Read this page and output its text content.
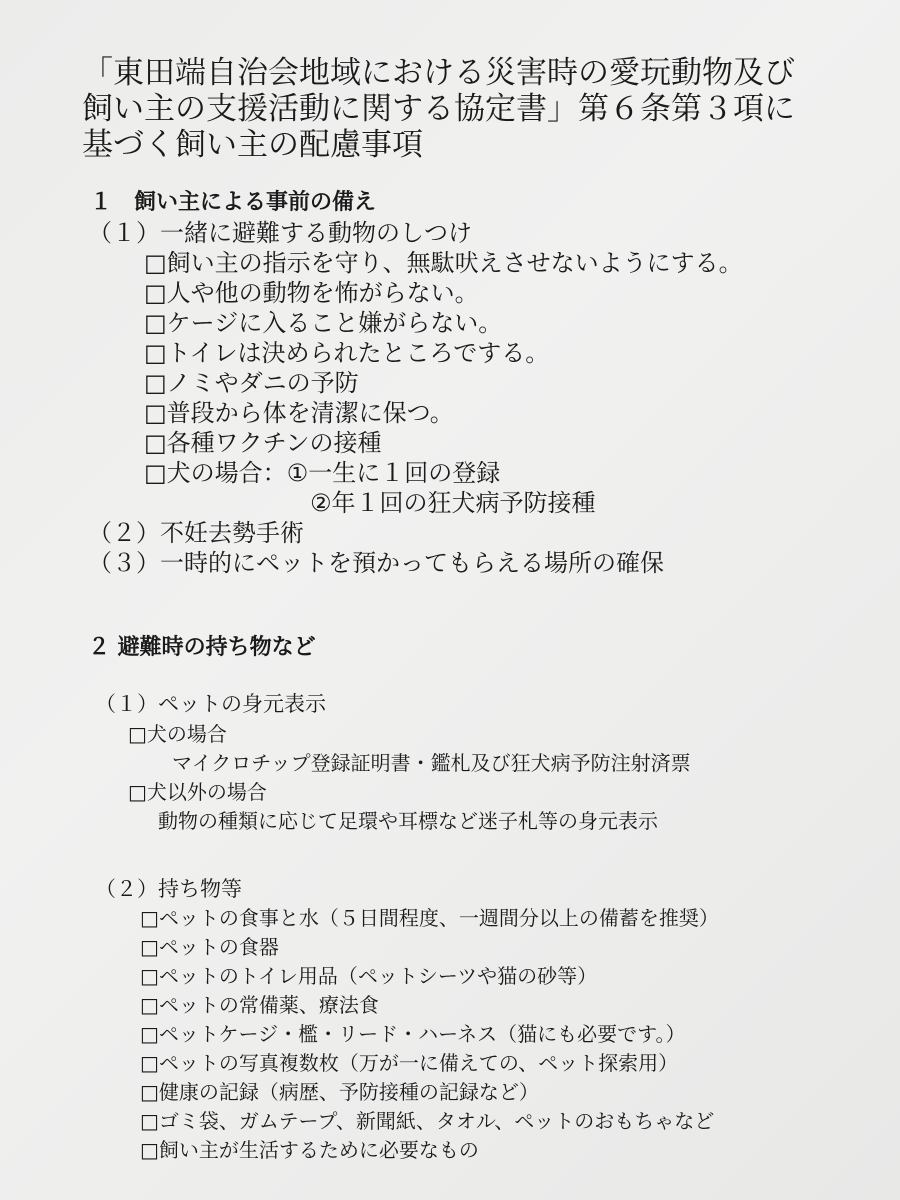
「東田端自治会地域における災害時の愛玩動物及び
飼い主の支援活動に関する協定書」第６条第３項に
基づく飼い主の配慮事項
１　飼い主による事前の備え
（１）一緒に避難する動物のしつけ
□飼い主の指示を守り、無駄吠えさせないようにする。
□人や他の動物を怖がらない。
□ケージに入ること嫌がらない。
□トイレは決められたところでする。
□ノミやダニの予防
□普段から体を清潔に保つ。
□各種ワクチンの接種
□犬の場合：①一生に１回の登録
②年１回の狂犬病予防接種
（２）不妊去勢手術
（３）一時的にペットを預かってもらえる場所の確保
２ 避難時の持ち物など
（１）ペットの身元表示
□犬の場合
マイクロチップ登録証明書・鑑札及び狂犬病予防注射済票
□犬以外の場合
動物の種類に応じて足環や耳標など迷子札等の身元表示
（２）持ち物等
□ペットの食事と水（５日間程度、一週間分以上の備蓄を推奨）
□ペットの食器
□ペットのトイレ用品（ペットシーツや猫の砂等）
□ペットの常備薬、療法食
□ペットケージ・檻・リード・ハーネス（猫にも必要です。）
□ペットの写真複数枚（万が一に備えての、ペット探索用）
□健康の記録（病歴、予防接種の記録など）
□ゴミ袋、ガムテープ、新聞紙、タオル、ペットのおもちゃなど
□飼い主が生活するために必要なもの
